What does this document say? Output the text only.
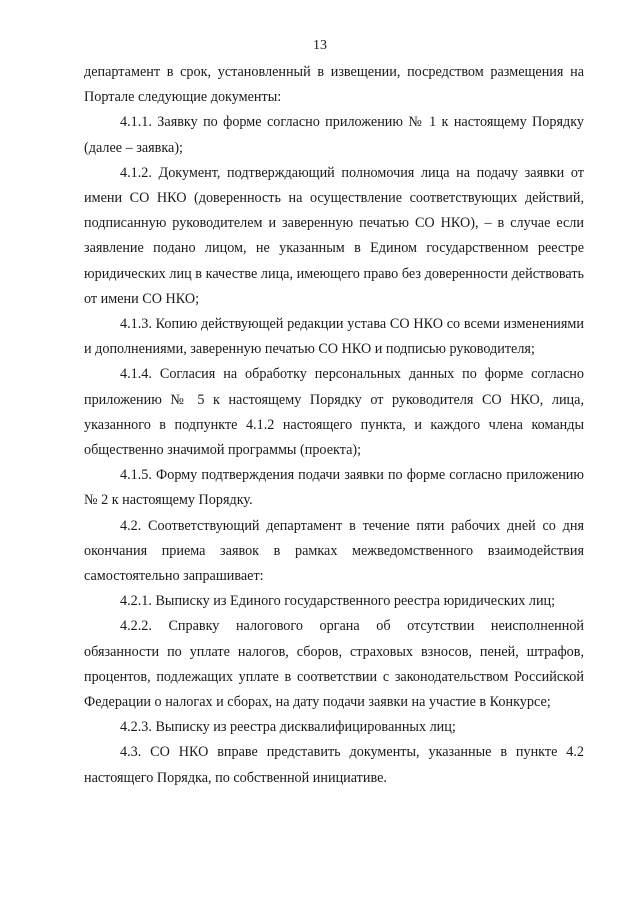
13

департамент в срок, установленный в извещении, посредством размещения на Портале следующие документы:

4.1.1. Заявку по форме согласно приложению № 1 к настоящему Порядку (далее – заявка);

4.1.2. Документ, подтверждающий полномочия лица на подачу заявки от имени СО НКО (доверенность на осуществление соответствующих действий, подписанную руководителем и заверенную печатью СО НКО), – в случае если заявление подано лицом, не указанным в Едином государственном реестре юридических лиц в качестве лица, имеющего право без доверенности действовать от имени СО НКО;

4.1.3. Копию действующей редакции устава СО НКО со всеми изменениями и дополнениями, заверенную печатью СО НКО и подписью руководителя;

4.1.4. Согласия на обработку персональных данных по форме согласно приложению № 5 к настоящему Порядку от руководителя СО НКО, лица, указанного в подпункте 4.1.2 настоящего пункта, и каждого члена команды общественно значимой программы (проекта);

4.1.5. Форму подтверждения подачи заявки по форме согласно приложению № 2 к настоящему Порядку.

4.2. Соответствующий департамент в течение пяти рабочих дней со дня окончания приема заявок в рамках межведомственного взаимодействия самостоятельно запрашивает:

4.2.1. Выписку из Единого государственного реестра юридических лиц;

4.2.2. Справку налогового органа об отсутствии неисполненной обязанности по уплате налогов, сборов, страховых взносов, пеней, штрафов, процентов, подлежащих уплате в соответствии с законодательством Российской Федерации о налогах и сборах, на дату подачи заявки на участие в Конкурсе;

4.2.3. Выписку из реестра дисквалифицированных лиц;

4.3. СО НКО вправе представить документы, указанные в пункте 4.2 настоящего Порядка, по собственной инициативе.
